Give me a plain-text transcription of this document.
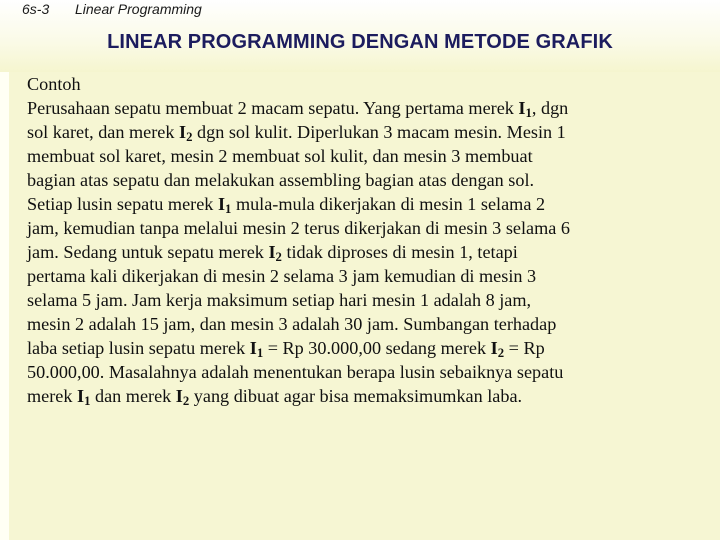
6s-3 Linear Programming
LINEAR PROGRAMMING DENGAN METODE GRAFIK

Contoh

Perusahaan sepatu membuat 2 macam sepatu. Yang pertama merek $I_1$, dgn
sol karet, dan merek $I_2$ dgn sol kulit. Diperlukan 3 macam mesin. Mesin 1
membuat sol karet, mesin 2 membuat sol kulit, dan mesin 3 membuat
bagian atas sepatu dan melakukan assembling bagian atas dengan sol.
Setiap lusin sepatu merek $I_1$ mula-mula dikerjakan di mesin 1 selama 2
jam, kemudian tanpa melalui mesin 2 terus dikerjakan di mesin 3 selama 6
jam. Sedang untuk sepatu merek $I_2$ tidak diproses di mesin 1, tetapi
pertama kali dikerjakan di mesin 2 selama 3 jam kemudian di mesin 3
selama 5 jam. Jam kerja maksimum setiap hari mesin 1 adalah 8 jam,
mesin 2 adalah 15 jam, dan mesin 3 adalah 30 jam. Sumbangan terhadap
laba setiap lusin sepatu merek $I_1 = Rp$ 30.000,00 sedang merek $I_2 = Rp$
50.000,00. Masalahnya adalah menentukan berapa lusin sebaiknya sepatu
merek $I_1$ dan merek $I_2$ yang dibuat agar bisa memaksimumkan laba.
